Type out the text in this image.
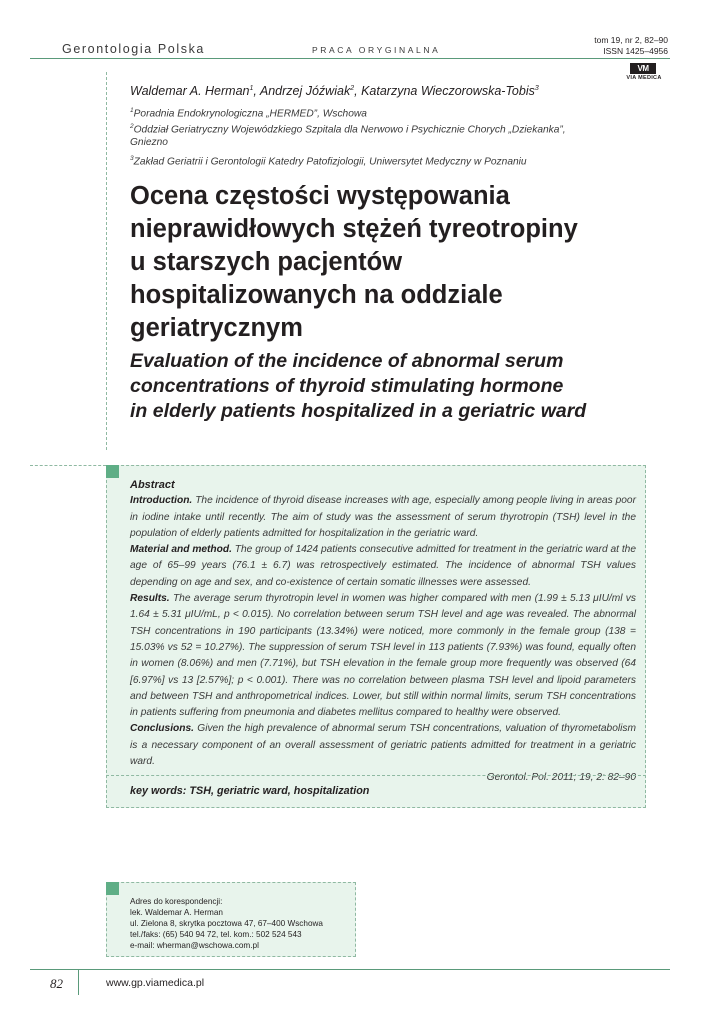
Gerontologia Polska	PRACA ORYGINALNA
tom 19, nr 2, 82–90
ISSN 1425–4956
VM
VIA MEDICA
Waldemar A. Herman$^1$, Andrzej Jóźwiak$^2$, Katarzyna Wieczorowska-Tobis$^3$
$^1$Poradnia Endokrynologiczna „HERMED”, Wschowa
$^2$Oddział Geriatryczny Wojewódzkiego Szpitala dla Nerwowo i Psychicznie Chorych „Dziekanka”,
Gniezno
$^3$Zakład Geriatrii i Gerontologii Katedry Patofizjologii, Uniwersytet Medyczny w Poznaniu
Ocena częstości występowania
nieprawidłowych stężeń tyreotropiny
u starszych pacjentów
hospitalizowanych na oddziale
geriatrycznym
Evaluation of the incidence of abnormal serum
concentrations of thyroid stimulating hormone
in elderly patients hospitalized in a geriatric ward

Abstract

Introduction. The incidence of thyroid disease increases with age, especially among people living in areas poor in iodine intake until recently. The aim of study was the assessment of serum thyrotropin (TSH) level in the population of elderly patients admitted for hospitalization in the geriatric ward.

Material and method. The group of 1424 patients consecutive admitted for treatment in the geriatric ward at the age of 65–99 years (76.1 ± 6.7) was retrospectively estimated. The incidence of abnormal TSH values depending on age and sex, and co-existence of certain somatic illnesses were assessed.

Results. The average serum thyrotropin level in women was higher compared with men (1.99 ± 5.13 μIU/ml vs 1.64 ± 5.31 μIU/mL, p < 0.015). No correlation between serum TSH level and age was revealed. The abnormal TSH concentrations in 190 participants (13.34%) were noticed, more commonly in the female group (138 = 15.03% vs 52 = 10.27%). The suppression of serum TSH level in 113 patients (7.93%) was found, equally often in women (8.06%) and men (7.71%), but TSH elevation in the female group more frequently was observed (64 [6.97%] vs 13 [2.57%]; p < 0.001). There was no correlation between plasma TSH level and lipoid parameters and between TSH and anthropometrical indices. Lower, but still within normal limits, serum TSH concentrations in patients suffering from pneumonia and diabetes mellitus compared to healthy were observed.

Conclusions. Given the high prevalence of abnormal serum TSH concentrations, valuation of thyrometabolism is a necessary component of an overall assessment of geriatric patients admitted for treatment in a geriatric ward.

Gerontol. Pol. 2011; 19, 2: 82–90

key words: TSH, geriatric ward, hospitalization
Adres do korespondencji:
lek. Waldemar A. Herman
ul. Zielona 8, skrytka pocztowa 47, 67–400 Wschowa
tel./faks: (65) 540 94 72, tel. kom.: 502 524 543
e-mail: wherman@wschowa.com.pl
82	www.gp.viamedica.pl
